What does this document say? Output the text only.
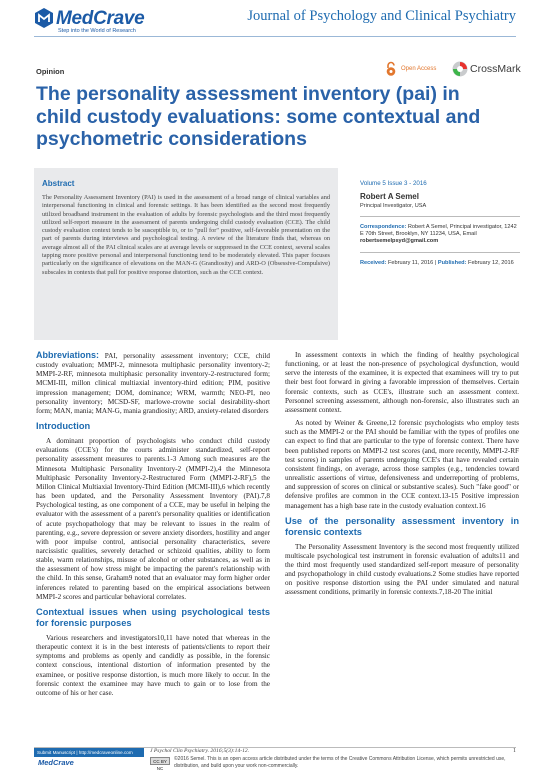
MedCrave
Step into the World of Research
Journal of Psychology and Clinical Psychiatry
Opinion	Open Access	CrossMark
The personality assessment inventory (pai) in child custody evaluations: some contextual and psychometric considerations
Abstract
The Personality Assessment Inventory (PAI) is used in the assessment of a broad range of clinical variables and interpersonal functioning in clinical and forensic settings. It has been identified as the second most frequently utilized broadband instrument in the evaluation of adults by forensic psychologists and the third most frequently utilized self-report measure in the assessment of parents undergoing child custody evaluation (CCE). The child custody evaluation context tends to be susceptible to, or to "pull for" positive, self-favorable presentation on the part of parents during interviews and psychological testing. A review of the literature finds that, whereas on average almost all of the PAI clinical scales are at average levels or suppressed in the CCE context, several scales tapping more positive personal and interpersonal functioning tend to be moderately elevated. This paper focuses particularly on the significance of elevations on the MAN-G (Grandiosity) and ARD-O (Obsessive-Compulsive) subscales in contexts that pull for positive response distortion, such as the CCE context.
Volume 5 Issue 3 - 2016
Robert A Semel
Principal Investigator, USA
Correspondence: Robert A Semel, Principal investigator, 1242 E 70th Street, Brooklyn, NY 11234, USA, Email robertsemelpsyd@gmail.com
Received: February 11, 2016 | Published: February 12, 2016

Abbreviations: PAI, personality assessment inventory; CCE, child custody evaluation; MMPI-2, minnesota multiphasic personality inventory-2; MMPI-2-RF, minnesota multiphasic personality inventory-2-restructured form; MCMI-III, millon clinical multiaxial inventory-third edition; PIM, positive impression management; DOM, dominance; WRM, warmth; NEO-PI, neo personality inventory; MCSD-SF, marlowe-crowne social desirability-short form; MAN, mania; MAN-G, mania grandiosity; ARD, anxiety-related disorders

Introduction

A dominant proportion of psychologists who conduct child custody evaluations (CCE's) for the courts administer standardized, self-report personality assessment measures to parents.1-3 Among such measures are the Minnesota Multiphasic Personality Inventory-2 (MMPI-2),4 the Minnesota Multiphasic Personality Inventory-2-Restructured Form (MMPI-2-RF),5 the Millon Clinical Multiaxial Inventory-Third Edition (MCMI-III),6 which recently has been updated, and the Personality Assessment Inventory (PAI).7,8 Psychological testing, as one component of a CCE, may be useful in helping the evaluator with the assessment of a parent's personality qualities or identification of acute psychopathology that may be relevant to issues in the realm of parenting, e.g., severe depression or severe anxiety disorders, hostility and anger with poor impulse control, antisocial personality characteristics, severe narcissistic qualities, severely detached or schizoid qualities, ability to form stable, warm relationships, misuse of alcohol or other substances, as well as in the assessment of how stress might be impacting the parent's relationship with the child. In this sense, Graham9 noted that an evaluator may form higher order inferences related to parenting based on the empirical associations between MMPI-2 scores and particular behavioral correlates.

Contextual issues when using psychological tests for forensic purposes

Various researchers and investigators10,11 have noted that whereas in the therapeutic context it is in the best interests of patients/clients to report their symptoms and problems as openly and candidly as possible, in the forensic context conscious, intentional distortion of information presented by the examinee, or positive response distortion, is much more likely to occur. In the forensic context the examinee may have much to gain or to lose from the outcome of his or her case.

In assessment contexts in which the finding of healthy psychological functioning, or at least the non-presence of psychological dysfunction, would serve the interests of the examinee, it is expected that examinees will try to put their best foot forward in giving a favorable impression of themselves. Certain forensic contexts, such as CCE's, illustrate such an assessment context. Personnel screening assessment, although non-forensic, also illustrates such an assessment context.

As noted by Weiner & Greene,12 forensic psychologists who employ tests such as the MMPI-2 or the PAI should be familiar with the types of profiles one can expect to find that are particular to the type of forensic context. There have been published reports on MMPI-2 test scores (and, more recently, MMPI-2-RF test scores) in samples of parents undergoing CCE's that have revealed certain consistent findings, on average, across those samples (e.g., tendencies toward unrealistic assertions of virtue, defensiveness and underreporting of problems, and suppression of scores on clinical or substantive scales). Such "fake good" or defensive profiles are common in the CCE context.13-15 Positive impression management has a high base rate in the custody evaluation context.16

Use of the personality assessment inventory in forensic contexts

The Personality Assessment Inventory is the second most frequently utilized multiscale psychological test instrument in forensic evaluation of adults11 and the third most frequently used standardized self-report measure of personality and psychopathology in child custody evaluations.2 Some studies have reported on positive response distortion using the PAI under simulated and natural assessment conditions, primarily in forensic contexts.7,18-20 The initial

Submit Manuscript | http://medcraveonline.com
MedCrave
J Psychol Clin Psychiatry. 2016;5(3):14-12.	1
CC BY NC
©2016 Semel. This is an open access article distributed under the terms of the Creative Commons Attribution License, which permits unrestricted use, distribution, and build upon your work non-commercially.
